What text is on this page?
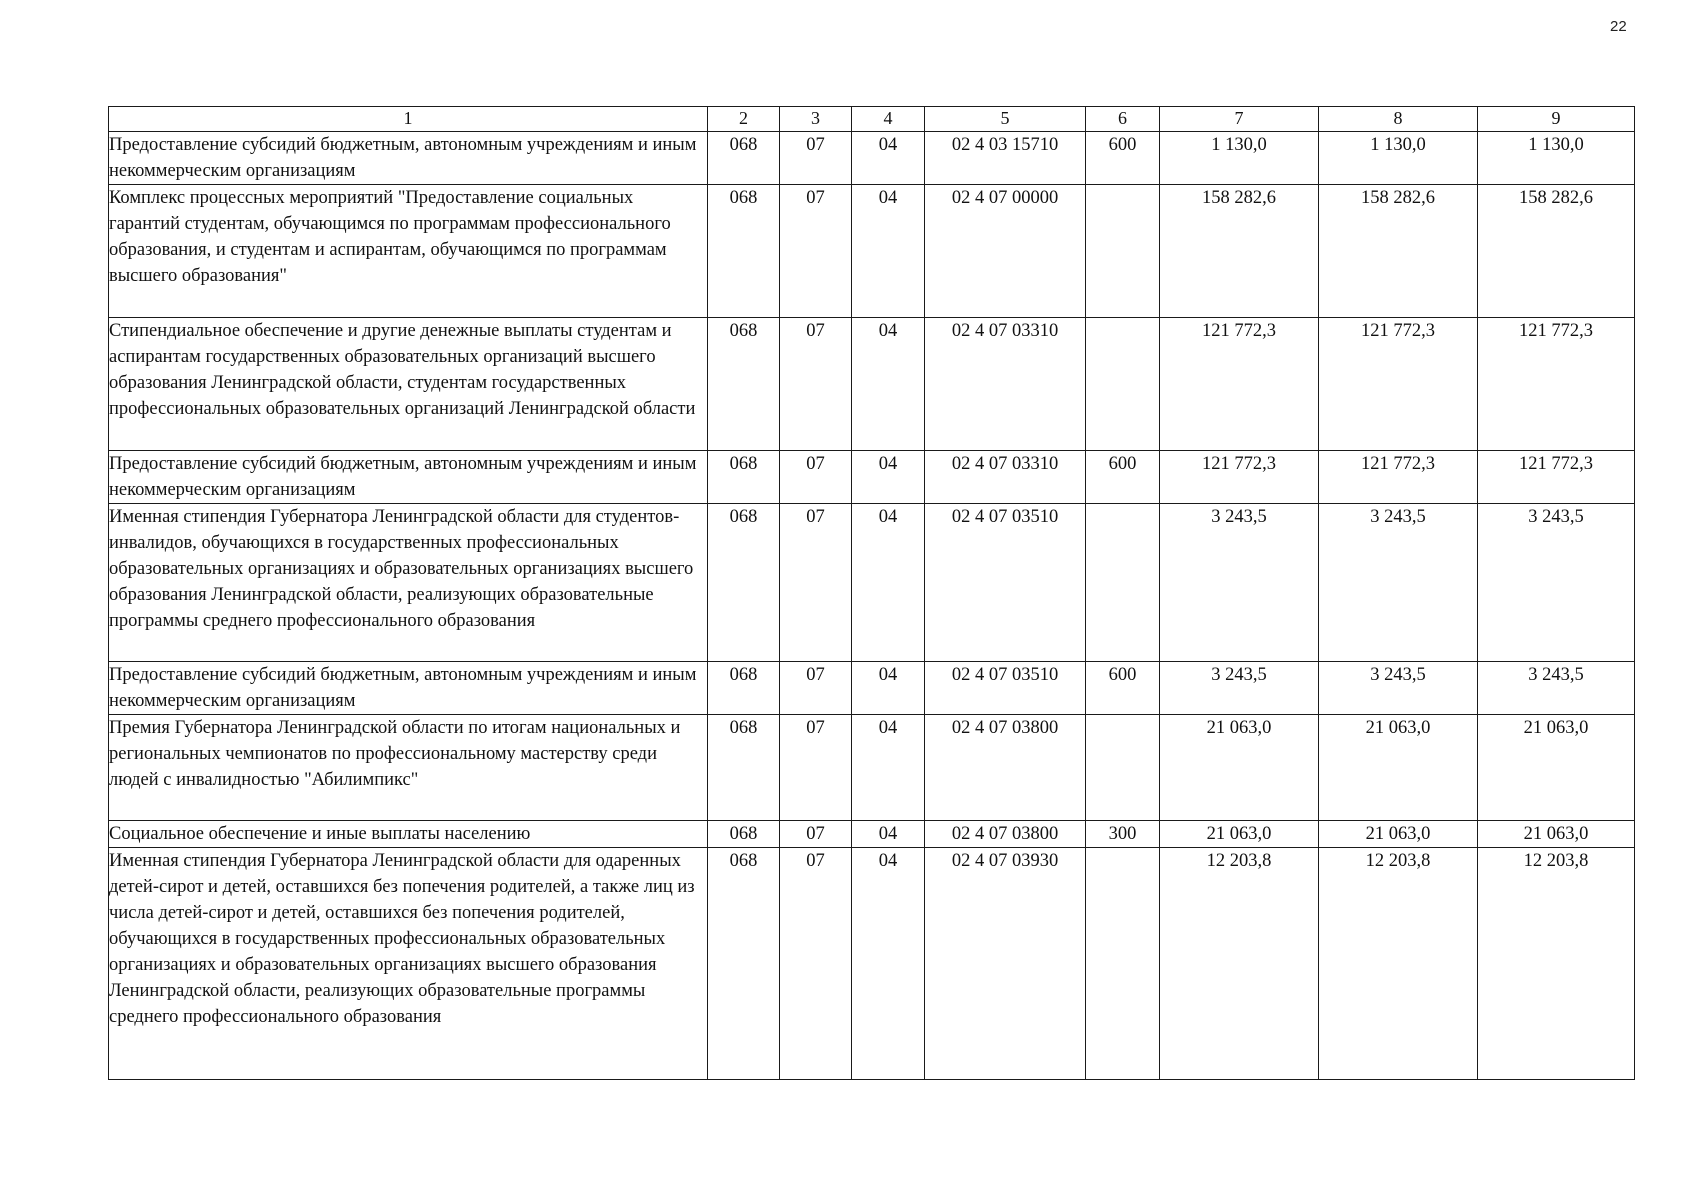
22
1	2	3	4	5	6	7	8	9
Предоставление субсидий бюджетным, автономным учреждениям и иным некоммерческим организациям	068	07	04	02 4 03 15710	600	1 130,0	1 130,0	1 130,0
Комплекс процессных мероприятий "Предоставление социальных гарантий студентам, обучающимся по программам профессионального образования, и студентам и аспирантам, обучающимся по программам высшего образования"	068	07	04	02 4 07 00000		158 282,6	158 282,6	158 282,6
Стипендиальное обеспечение и другие денежные выплаты студентам и аспирантам государственных образовательных организаций высшего образования Ленинградской области, студентам государственных профессиональных образовательных организаций Ленинградской области	068	07	04	02 4 07 03310		121 772,3	121 772,3	121 772,3
Предоставление субсидий бюджетным, автономным учреждениям и иным некоммерческим организациям	068	07	04	02 4 07 03310	600	121 772,3	121 772,3	121 772,3
Именная стипендия Губернатора Ленинградской области для студентов-инвалидов, обучающихся в государственных профессиональных образовательных организациях и образовательных организациях высшего образования Ленинградской области, реализующих образовательные программы среднего профессионального образования	068	07	04	02 4 07 03510		3 243,5	3 243,5	3 243,5
Предоставление субсидий бюджетным, автономным учреждениям и иным некоммерческим организациям	068	07	04	02 4 07 03510	600	3 243,5	3 243,5	3 243,5
Премия Губернатора Ленинградской области по итогам национальных и региональных чемпионатов по профессиональному мастерству среди людей с инвалидностью "Абилимпикс"	068	07	04	02 4 07 03800		21 063,0	21 063,0	21 063,0
Социальное обеспечение и иные выплаты населению	068	07	04	02 4 07 03800	300	21 063,0	21 063,0	21 063,0
Именная стипендия Губернатора Ленинградской области для одаренных детей-сирот и детей, оставшихся без попечения родителей, а также лиц из числа детей-сирот и детей, оставшихся без попечения родителей, обучающихся в государственных профессиональных образовательных организациях и образовательных организациях высшего образования Ленинградской области, реализующих образовательные программы среднего профессионального образования	068	07	04	02 4 07 03930		12 203,8	12 203,8	12 203,8
